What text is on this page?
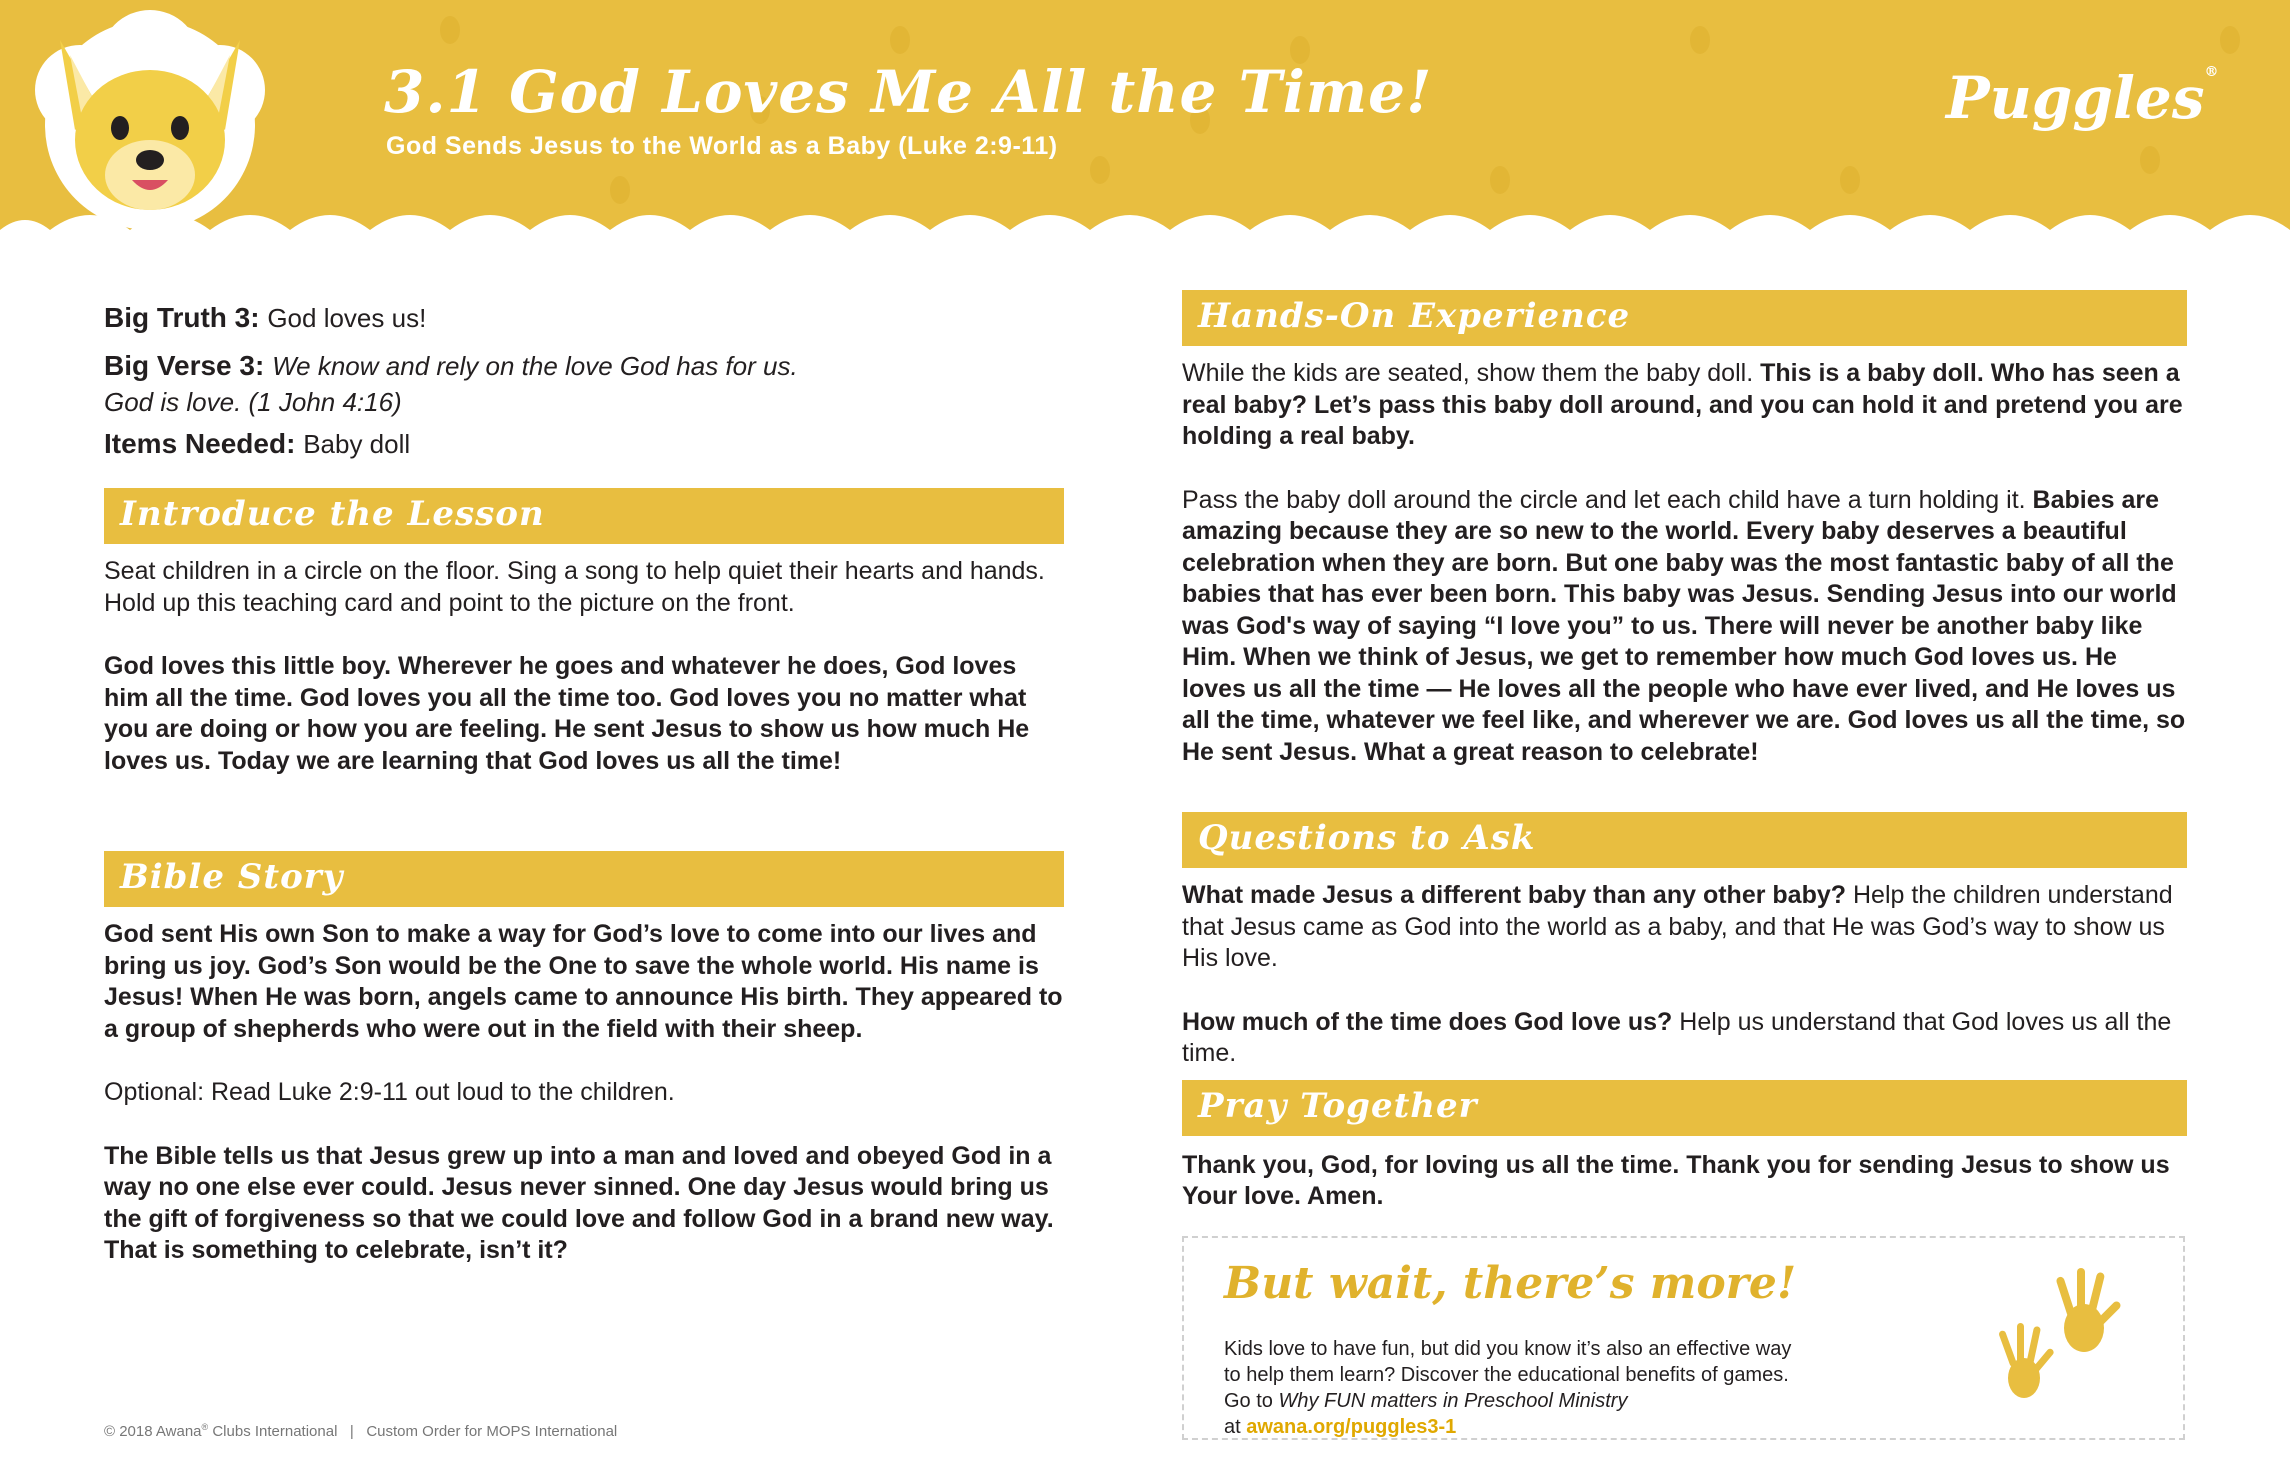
3.1 God Loves Me All the Time!
God Sends Jesus to the World as a Baby (Luke 2:9-11)
Puggles®
Big Truth 3: God loves us!
Big Verse 3: We know and rely on the love God has for us.
God is love. (1 John 4:16)
Items Needed: Baby doll
Introduce the Lesson

Seat children in a circle on the floor. Sing a song to help quiet their hearts and hands. Hold up this teaching card and point to the picture on the front.

God loves this little boy. Wherever he goes and whatever he does, God loves him all the time. God loves you all the time too. God loves you no matter what you are doing or how you are feeling. He sent Jesus to show us how much He loves us. Today we are learning that God loves us all the time!

Bible Story

God sent His own Son to make a way for God’s love to come into our lives and bring us joy. God’s Son would be the One to save the whole world. His name is Jesus! When He was born, angels came to announce His birth. They appeared to a group of shepherds who were out in the field with their sheep.

Optional: Read Luke 2:9-11 out loud to the children.

The Bible tells us that Jesus grew up into a man and loved and obeyed God in a way no one else ever could. Jesus never sinned. One day Jesus would bring us the gift of forgiveness so that we could love and follow God in a brand new way. That is something to celebrate, isn’t it?

Hands-On Experience

While the kids are seated, show them the baby doll. This is a baby doll. Who has seen a real baby? Let’s pass this baby doll around, and you can hold it and pretend you are holding a real baby.

Pass the baby doll around the circle and let each child have a turn holding it. Babies are amazing because they are so new to the world. Every baby deserves a beautiful celebration when they are born. But one baby was the most fantastic baby of all the babies that has ever been born. This baby was Jesus. Sending Jesus into our world was God's way of saying “I love you” to us. There will never be another baby like Him. When we think of Jesus, we get to remember how much God loves us. He loves us all the time — He loves all the people who have ever lived, and He loves us all the time, whatever we feel like, and wherever we are. God loves us all the time, so He sent Jesus. What a great reason to celebrate!

Questions to Ask

What made Jesus a different baby than any other baby? Help the children understand that Jesus came as God into the world as a baby, and that He was God’s way to show us His love.

How much of the time does God love us? Help us understand that God loves us all the time.

Pray Together

Thank you, God, for loving us all the time. Thank you for sending Jesus to show us Your love. Amen.

But wait, there’s more!
Kids love to have fun, but did you know it’s also an effective way
to help them learn? Discover the educational benefits of games.
Go to Why FUN matters in Preschool Ministry
at awana.org/puggles3-1
© 2018 Awana® Clubs International   |   Custom Order for MOPS International
